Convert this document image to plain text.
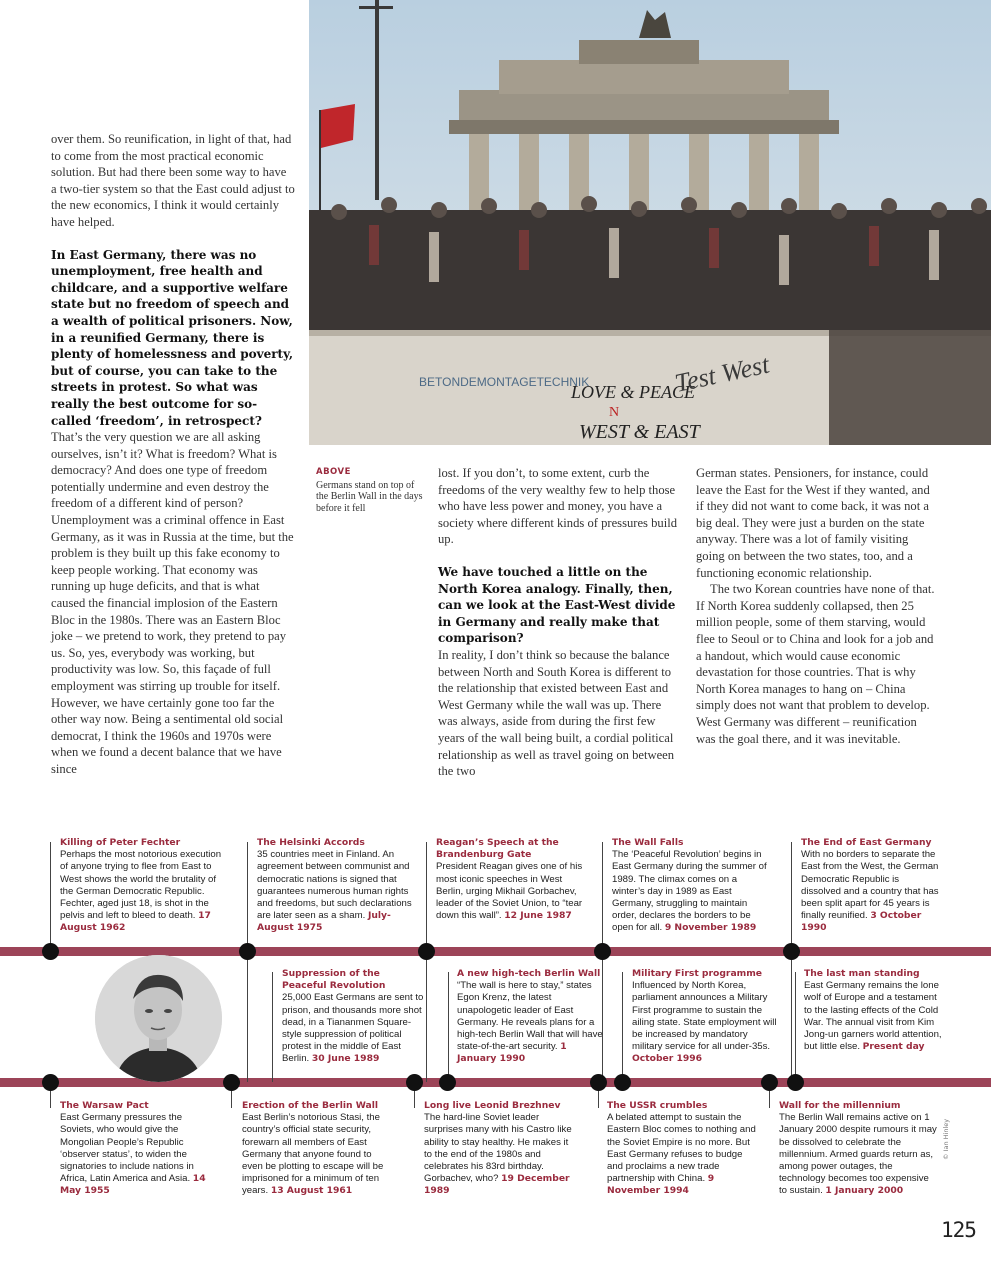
over them. So reunification, in light of that, had to come from the most practical economic solution. But had there been some way to have a two-tier system so that the East could adjust to the new economics, I think it would certainly have helped.

In East Germany, there was no unemployment, free health and childcare, and a supportive welfare state but no freedom of speech and a wealth of political prisoners. Now, in a reunified Germany, there is plenty of homelessness and poverty, but of course, you can take to the streets in protest. So what was really the best outcome for so-called ‘freedom’, in retrospect?

That’s the very question we are all asking ourselves, isn’t it? What is freedom? What is democracy? And does one type of freedom potentially undermine and even destroy the freedom of a different kind of person? Unemployment was a criminal offence in East Germany, as it was in Russia at the time, but the problem is they built up this fake economy to keep people working. That economy was running up huge deficits, and that is what caused the financial implosion of the Eastern Bloc in the 1980s. There was an Eastern Bloc joke – we pretend to work, they pretend to pay us. So, yes, everybody was working, but productivity was low. So, this façade of full employment was stirring up trouble for itself. However, we have certainly gone too far the other way now. Being a sentimental old social democrat, I think the 1960s and 1970s were when we found a decent balance that we have since

BETONDEMONTAGETECHNIK
LOVE & PEACE
N
WEST & EAST
Test West
ABOVE
Germans stand on top of the Berlin Wall in the days before it fell

lost. If you don’t, to some extent, curb the freedoms of the very wealthy few to help those who have less power and money, you have a society where different kinds of pressures build up.

We have touched a little on the North Korea analogy. Finally, then, can we look at the East-West divide in Germany and really make that comparison?

In reality, I don’t think so because the balance between North and South Korea is different to the relationship that existed between East and West Germany while the wall was up. There was always, aside from during the first few years of the wall being built, a cordial political relationship as well as travel going on between the two

German states. Pensioners, for instance, could leave the East for the West if they wanted, and if they did not want to come back, it was not a big deal. They were just a burden on the state anyway. There was a lot of family visiting going on between the two states, too, and a functioning economic relationship.

The two Korean countries have none of that. If North Korea suddenly collapsed, then 25 million people, some of them starving, would flee to Seoul or to China and look for a job and a handout, which would cause economic devastation for those countries. That is why North Korea manages to hang on – China simply does not want that problem to develop. West Germany was different – reunification was the goal there, and it was inevitable.

Killing of Peter Fechter
Perhaps the most notorious execution of anyone trying to flee from East to West shows the world the brutality of the German Democratic Republic. Fechter, aged just 18, is shot in the pelvis and left to bleed to death. 17 August 1962
The Helsinki Accords
35 countries meet in Finland. An agreement between communist and democratic nations is signed that guarantees numerous human rights and freedoms, but such declarations are later seen as a sham. July-August 1975
Reagan’s Speech at the Brandenburg Gate
President Reagan gives one of his most iconic speeches in West Berlin, urging Mikhail Gorbachev, leader of the Soviet Union, to “tear down this wall”. 12 June 1987
The Wall Falls
The ‘Peaceful Revolution’ begins in East Germany during the summer of 1989. The climax comes on a winter’s day in 1989 as East Germany, struggling to maintain order, declares the borders to be open for all. 9 November 1989
The End of East Germany
With no borders to separate the East from the West, the German Democratic Republic is dissolved and a country that has been split apart for 45 years is finally reunified. 3 October 1990
Suppression of the Peaceful Revolution
25,000 East Germans are sent to prison, and thousands more shot dead, in a Tiananmen Square-style suppression of political protest in the middle of East Berlin. 30 June 1989
A new high-tech Berlin Wall
“The wall is here to stay,” states Egon Krenz, the latest unapologetic leader of East Germany. He reveals plans for a high-tech Berlin Wall that will have state-of-the-art security. 1 January 1990
Military First programme
Influenced by North Korea, parliament announces a Military First programme to sustain the ailing state. State employment will be increased by mandatory military service for all under-35s. October 1996
The last man standing
East Germany remains the lone wolf of Europe and a testament to the lasting effects of the Cold War. The annual visit from Kim Jong-un garners world attention, but little else. Present day
The Warsaw Pact
East Germany pressures the Soviets, who would give the Mongolian People’s Republic ‘observer status’, to widen the signatories to include nations in Africa, Latin America and Asia. 14 May 1955
Erection of the Berlin Wall
East Berlin’s notorious Stasi, the country’s official state security, forewarn all members of East Germany that anyone found to even be plotting to escape will be imprisoned for a minimum of ten years. 13 August 1961
Long live Leonid Brezhnev
The hard-line Soviet leader surprises many with his Castro like ability to stay healthy. He makes it to the end of the 1980s and celebrates his 83rd birthday. Gorbachev, who? 19 December 1989
The USSR crumbles
A belated attempt to sustain the Eastern Bloc comes to nothing and the Soviet Empire is no more. But East Germany refuses to budge and proclaims a new trade partnership with China. 9 November 1994
Wall for the millennium
The Berlin Wall remains active on 1 January 2000 despite rumours it may be dissolved to celebrate the millennium. Armed guards return as, among power outages, the technology becomes too expensive to sustain. 1 January 2000
© Ian Hinley
125
